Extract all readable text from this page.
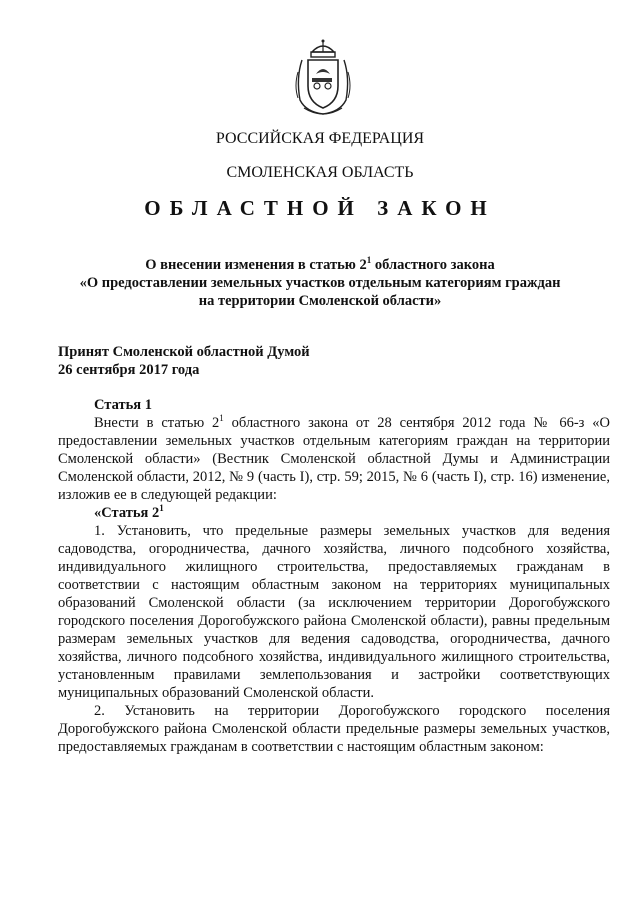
РОССИЙСКАЯ ФЕДЕРАЦИЯ
СМОЛЕНСКАЯ ОБЛАСТЬ
ОБЛАСТНОЙ ЗАКОН
О внесении изменения в статью $2^1$ областного закона
«О предоставлении земельных участков отдельным категориям граждан
на территории Смоленской области»
Принят Смоленской областной Думой
26 сентября 2017 года

Статья 1

Внести в статью $2^1$ областного закона от 28 сентября 2012 года № 66-з «О предоставлении земельных участков отдельным категориям граждан на территории Смоленской области» (Вестник Смоленской областной Думы и Администрации Смоленской области, 2012, № 9 (часть I), стр. 59; 2015, № 6 (часть I), стр. 16) изменение, изложив ее в следующей редакции:

«Статья $2^1$

1. Установить, что предельные размеры земельных участков для ведения садоводства, огородничества, дачного хозяйства, личного подсобного хозяйства, индивидуального жилищного строительства, предоставляемых гражданам в соответствии с настоящим областным законом на территориях муниципальных образований Смоленской области (за исключением территории Дорогобужского городского поселения Дорогобужского района Смоленской области), равны предельным размерам земельных участков для ведения садоводства, огородничества, дачного хозяйства, личного подсобного хозяйства, индивидуального жилищного строительства, установленным правилами землепользования и застройки соответствующих муниципальных образований Смоленской области.

2. Установить на территории Дорогобужского городского поселения Дорогобужского района Смоленской области предельные размеры земельных участков, предоставляемых гражданам в соответствии с настоящим областным законом:
